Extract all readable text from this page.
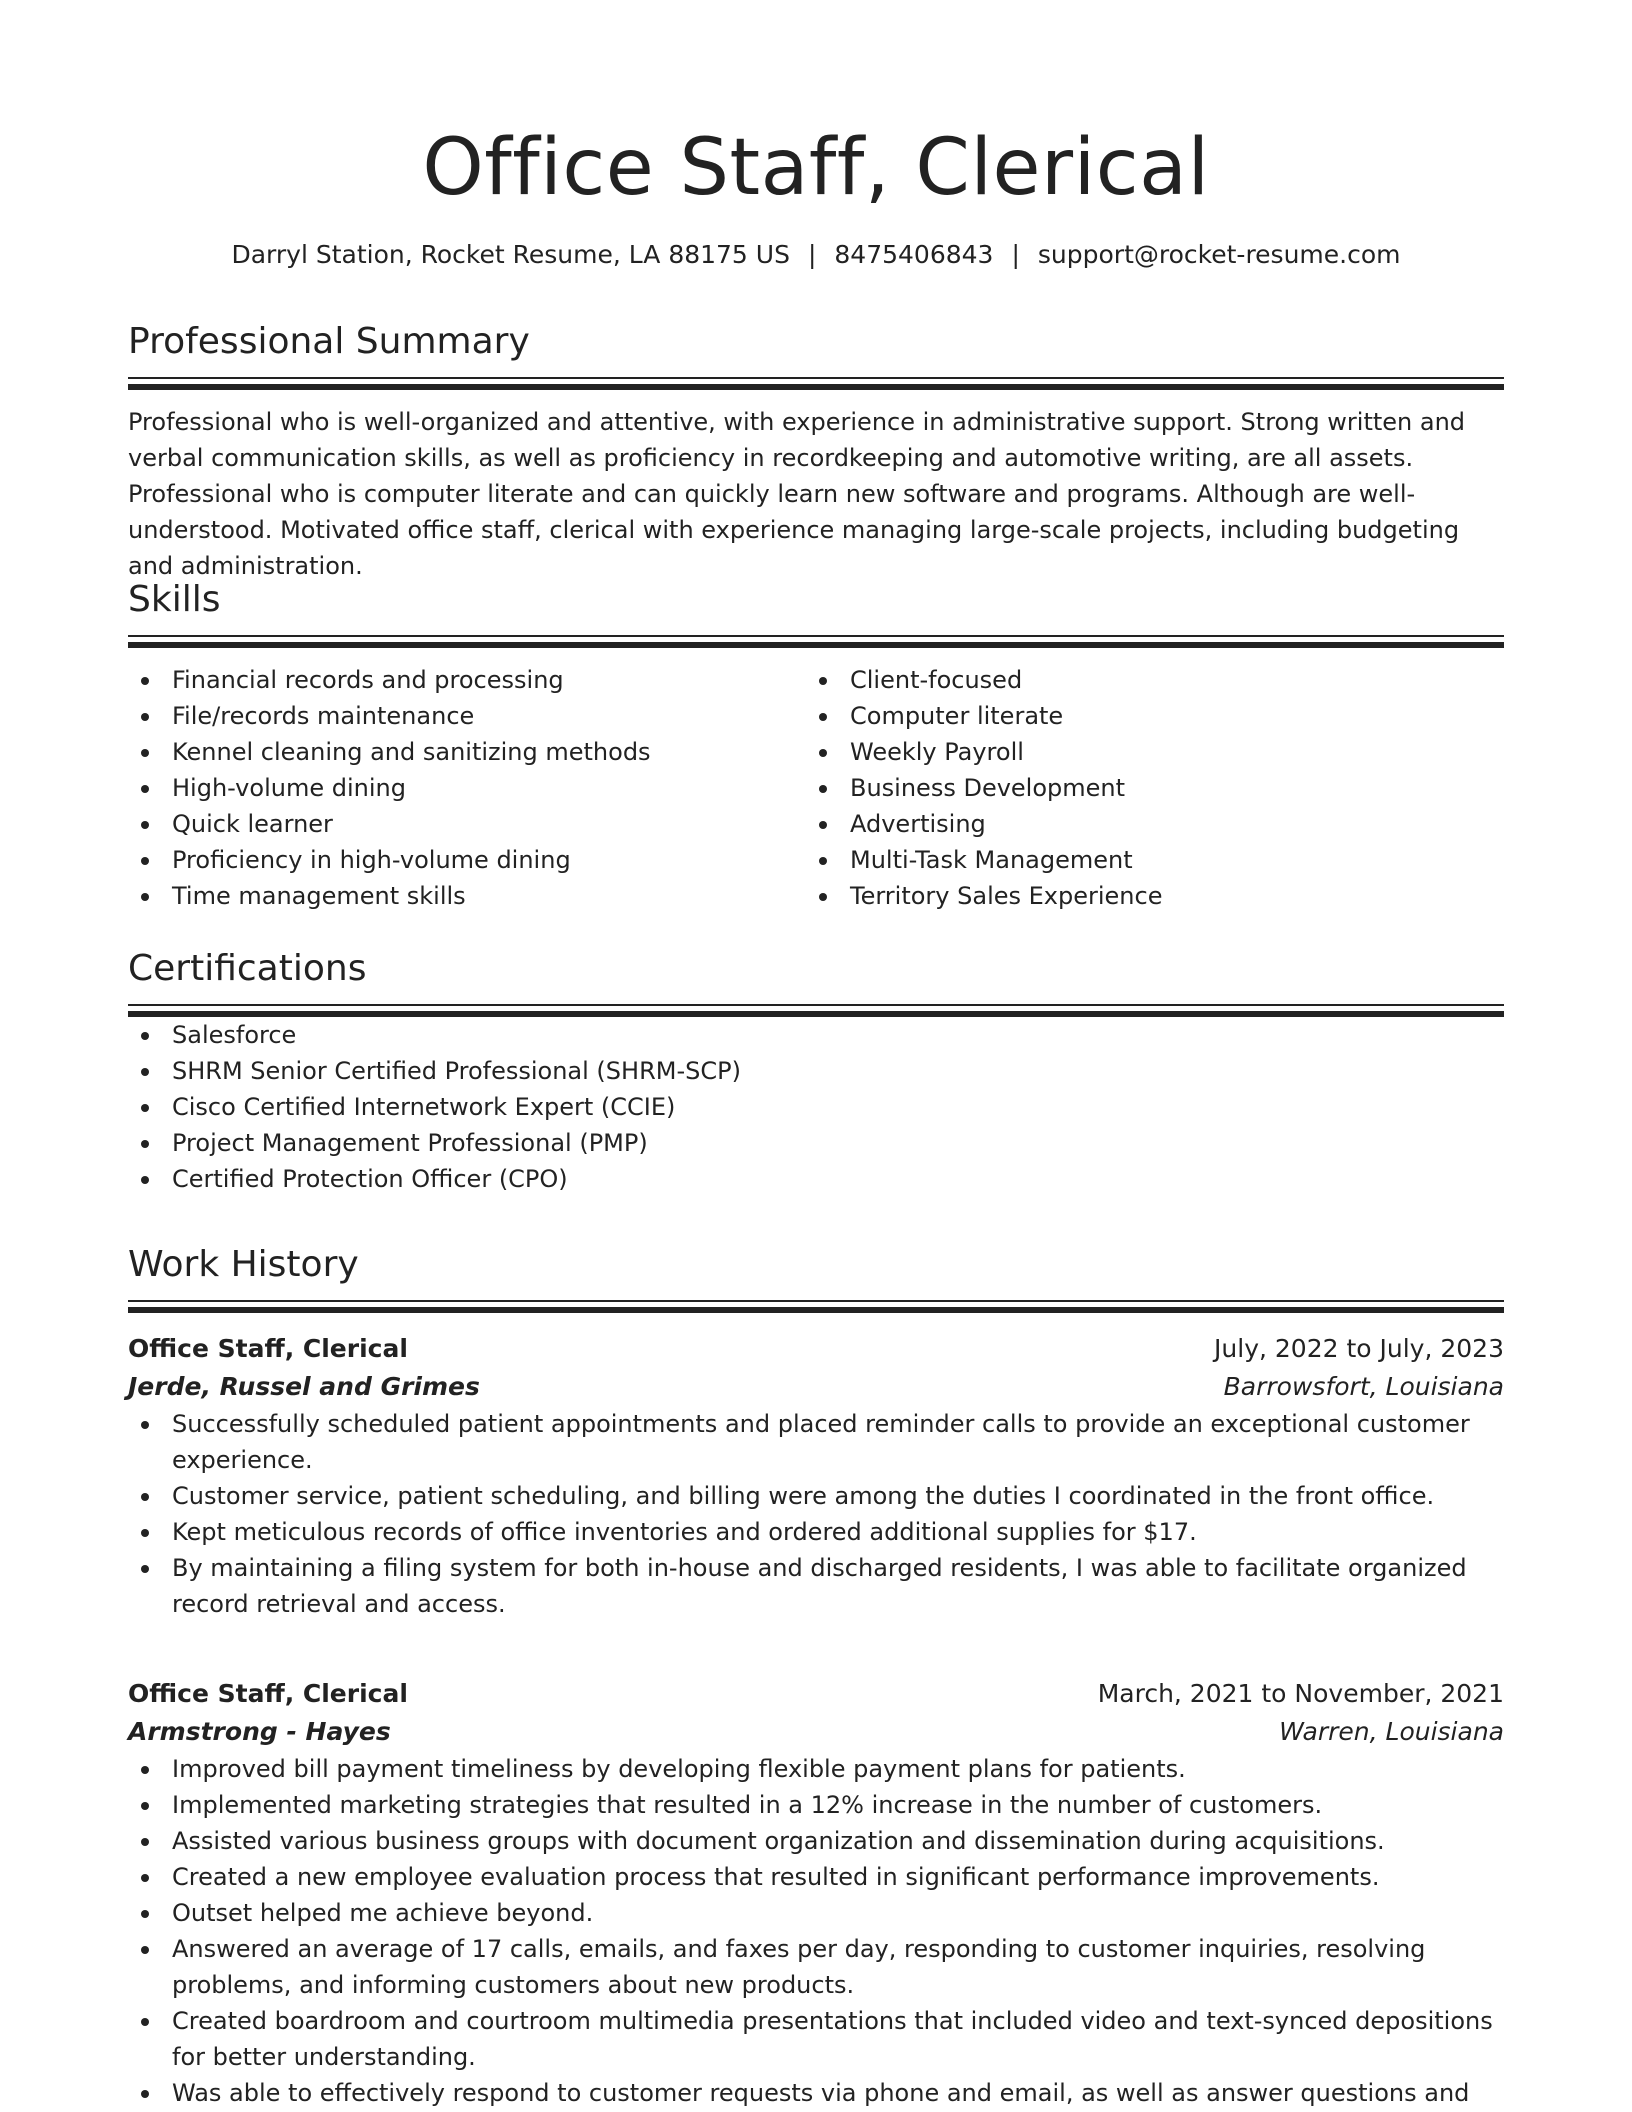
Office Staff, Clerical
Darryl Station, Rocket Resume, LA 88175 US | 8475406843 | support@rocket-resume.com
Professional Summary
Professional who is well-organized and attentive, with experience in administrative support. Strong written and verbal communication skills, as well as proficiency in recordkeeping and automotive writing, are all assets. Professional who is computer literate and can quickly learn new software and programs. Although are well-understood. Motivated office staff, clerical with experience managing large-scale projects, including budgeting and administration.
Skills
Financial records and processing
File/records maintenance
Kennel cleaning and sanitizing methods
High-volume dining
Quick learner
Proficiency in high-volume dining
Time management skills
Client-focused
Computer literate
Weekly Payroll
Business Development
Advertising
Multi-Task Management
Territory Sales Experience
Certifications
Salesforce
SHRM Senior Certified Professional (SHRM-SCP)
Cisco Certified Internetwork Expert (CCIE)
Project Management Professional (PMP)
Certified Protection Officer (CPO)
Work History
Office Staff, Clerical	July, 2022 to July, 2023
Jerde, Russel and Grimes	Barrowsfort, Louisiana
Successfully scheduled patient appointments and placed reminder calls to provide an exceptional customer experience.
Customer service, patient scheduling, and billing were among the duties I coordinated in the front office.
Kept meticulous records of office inventories and ordered additional supplies for $17.
By maintaining a filing system for both in-house and discharged residents, I was able to facilitate organized record retrieval and access.
Office Staff, Clerical	March, 2021 to November, 2021
Armstrong - Hayes	Warren, Louisiana
Improved bill payment timeliness by developing flexible payment plans for patients.
Implemented marketing strategies that resulted in a 12% increase in the number of customers.
Assisted various business groups with document organization and dissemination during acquisitions.
Created a new employee evaluation process that resulted in significant performance improvements.
Outset helped me achieve beyond.
Answered an average of 17 calls, emails, and faxes per day, responding to customer inquiries, resolving problems, and informing customers about new products.
Created boardroom and courtroom multimedia presentations that included video and text-synced depositions for better understanding.
Was able to effectively respond to customer requests via phone and email, as well as answer questions and
